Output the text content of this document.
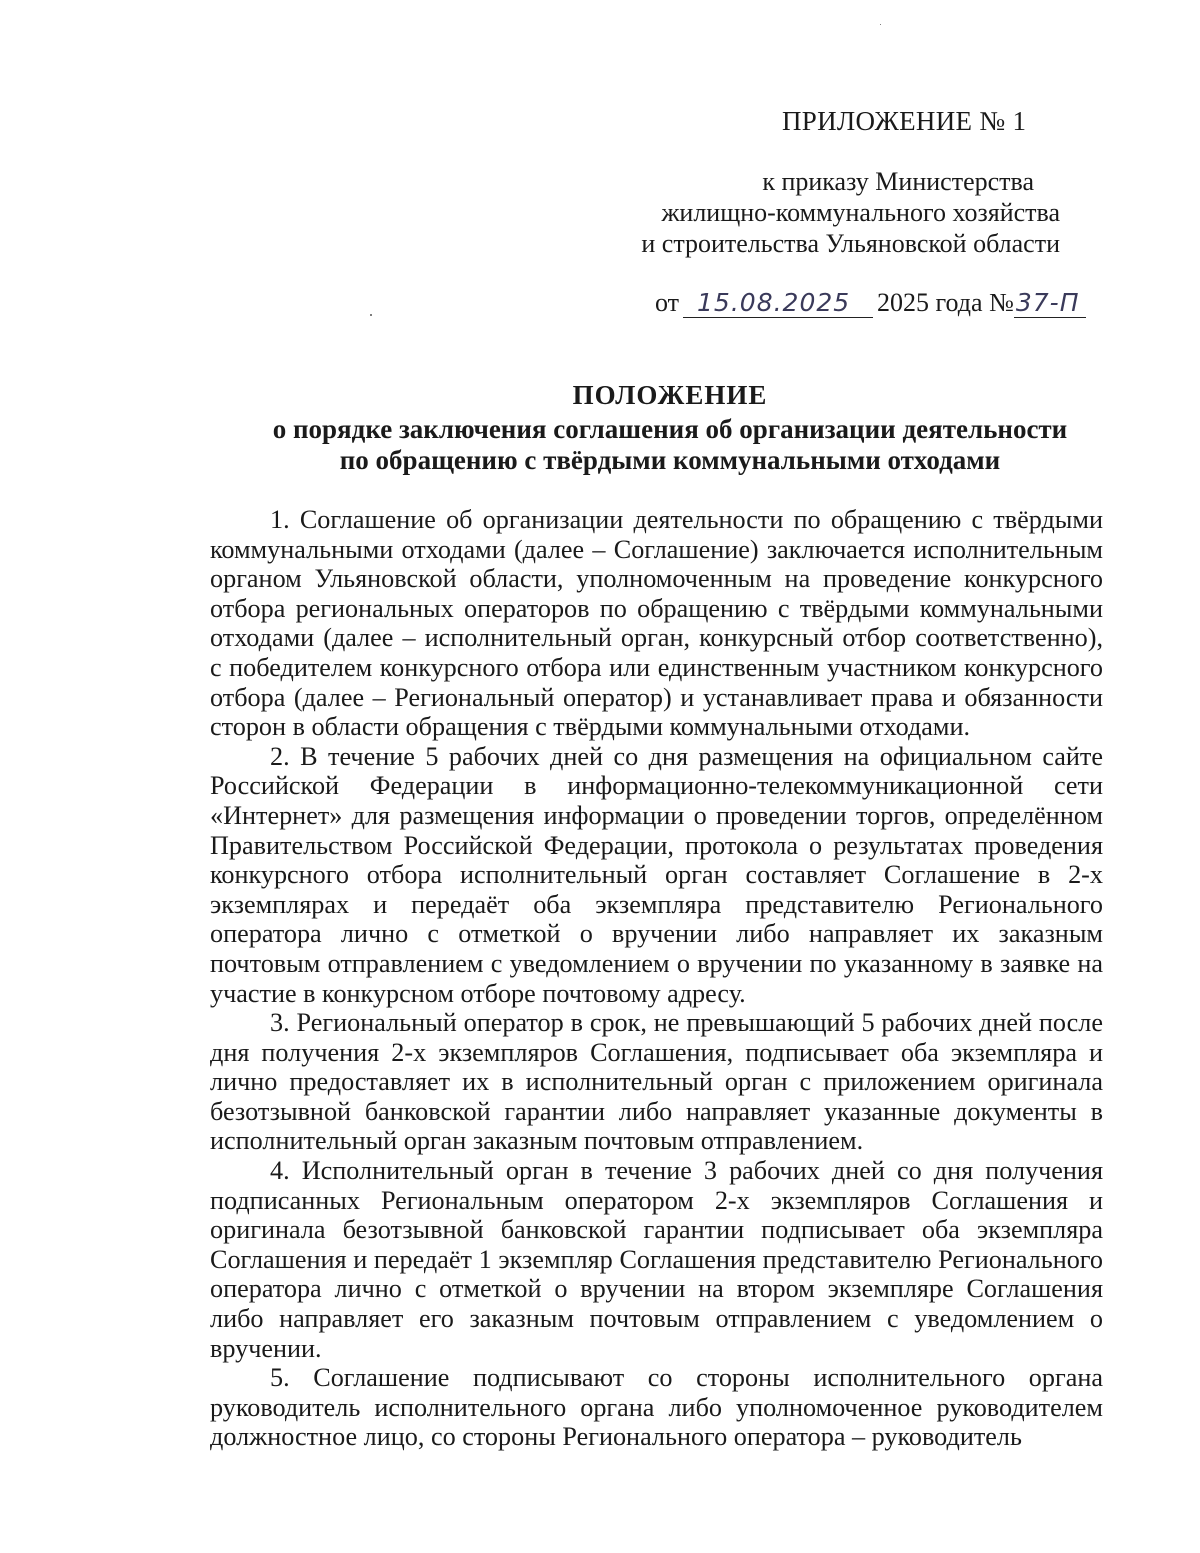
ПРИЛОЖЕНИЕ № 1
к приказу Министерства
жилищно-коммунального хозяйства
и строительства Ульяновской области
от 15.08.2025	2025 года № 37-П
ПОЛОЖЕНИЕ
о порядке заключения соглашения об организации деятельности
по обращению с твёрдыми коммунальными отходами

1. Соглашение об организации деятельности по обращению с твёрдыми коммунальными отходами (далее – Соглашение) заключается исполнительным органом Ульяновской области, уполномоченным на проведение конкурсного отбора региональных операторов по обращению с твёрдыми коммунальными отходами (далее – исполнительный орган, конкурсный отбор соответственно), с победителем конкурсного отбора или единственным участником конкурсного отбора (далее – Региональный оператор) и устанавливает права и обязанности сторон в области обращения с твёрдыми коммунальными отходами.

2. В течение 5 рабочих дней со дня размещения на официальном сайте Российской Федерации в информационно-телекоммуникационной сети «Интернет» для размещения информации о проведении торгов, определённом Правительством Российской Федерации, протокола о результатах проведения конкурсного отбора исполнительный орган составляет Соглашение в 2-х экземплярах и передаёт оба экземпляра представителю Регионального оператора лично с отметкой о вручении либо направляет их заказным почтовым отправлением с уведомлением о вручении по указанному в заявке на участие в конкурсном отборе почтовому адресу.

3. Региональный оператор в срок, не превышающий 5 рабочих дней после дня получения 2-х экземпляров Соглашения, подписывает оба экземпляра и лично предоставляет их в исполнительный орган с приложением оригинала безотзывной банковской гарантии либо направляет указанные документы в исполнительный орган заказным почтовым отправлением.

4. Исполнительный орган в течение 3 рабочих дней со дня получения подписанных Региональным оператором 2-х экземпляров Соглашения и оригинала безотзывной банковской гарантии подписывает оба экземпляра Соглашения и передаёт 1 экземпляр Соглашения представителю Регионального оператора лично с отметкой о вручении на втором экземпляре Соглашения либо направляет его заказным почтовым отправлением с уведомлением о вручении.

5. Соглашение подписывают со стороны исполнительного органа руководитель исполнительного органа либо уполномоченное руководителем должностное лицо, со стороны Регионального оператора – руководитель
